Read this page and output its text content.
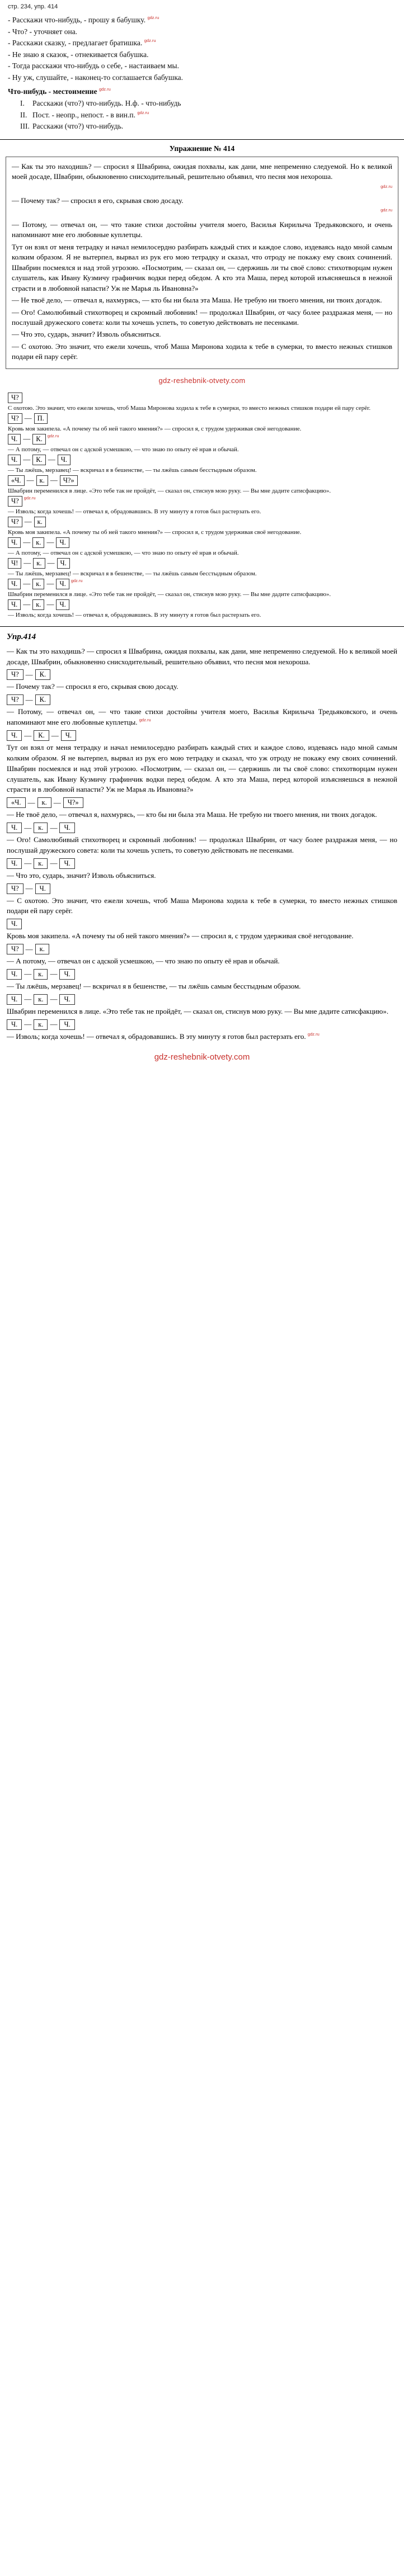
стр. 234, упр. 414
- Расскажи что-нибудь, - прошу я бабушку. gdz.ru
- Что? - уточняет она.
- Расскажи сказку, - предлагает братишка. gdz.ru
- Не знаю я сказок, - отнекивается бабушка.
- Тогда расскажи что-нибудь о себе, - настаиваем мы.
- Ну уж, слушайте, - наконец-то соглашается бабушка.
Что-нибудь - местоимение gdz.ru
I. Расскажи (что?) что-нибудь. Н.ф. - что-нибудь
II. Пост. - неопр., непост. - в вин.п. gdz.ru
III. Расскажи (что?) что-нибудь.
Упражнение № 414

— Как ты это находишь? — спросил я Швабрина, ожидая похвалы, как дани, мне непременно следуемой. Но к великой моей досаде, Швабрин, обыкновенно снисходительный, решительно объявил, что песня моя нехороша.

gdz.ru

— Почему так? — спросил я его, скрывая свою досаду.

gdz.ru

— Потому, — отвечал он, — что такие стихи достойны учителя моего, Василья Кирилыча Тредьяковского, и очень напоминают мне его любовные куплетцы.

Тут он взял от меня тетрадку и начал немилосердно разбирать каждый стих и каждое слово, издеваясь надо мной самым колким образом. Я не вытерпел, вырвал из рук его мою тетрадку и сказал, что отроду не покажу ему своих сочинений. Швабрин посмеялся и над этой угрозою. «Посмотрим, — сказал он, — сдержишь ли ты своё слово: стихотворцам нужен слушатель, как Ивану Кузмичу графинчик водки перед обедом. А кто эта Маша, перед которой изъясняешься в нежной страсти и в любовной напасти? Уж не Марья ль Ивановна?»

— Не твоё дело, — отвечал я, нахмурясь, — кто бы ни была эта Маша. Не требую ни твоего мнения, ни твоих догадок.

— Ого! Самолюбивый стихотворец и скромный любовник! — продолжал Швабрин, от часу более раздражая меня, — но послушай дружеского совета: коли ты хочешь успеть, то советую действовать не песенками.

— Что это, сударь, значит? Изволь объясниться.

— С охотою. Это значит, что ежели хочешь, чтоб Маша Миронова ходила к тебе в сумерки, то вместо нежных стишков подари ей пару серёг.

gdz-reshebnik-otvety.com
Ч?
С охотою. Это значит, что ежели хочешь, чтоб Маша Миронова ходила к тебе в сумерки, то вместо нежных стишков подари ей пару серёг.
Ч? — П.
Кровь моя закипела. «А почему ты об ней такого мнения?» — спросил я, с трудом удерживая своё негодование.
Ч. — К.	gdz.ru
— А потому, — отвечал он с адской усмешкою, — что знаю по опыту её нрав и обычай.
Ч. — К. — Ч.
— Ты лжёшь, мерзавец! — вскричал я в бешенстве, — ты лжёшь самым бесстыдным образом.
«Ч. — к. — Ч?»
Швабрин переменился в лице. «Это тебе так не пройдёт, — сказал он, стиснув мою руку. — Вы мне дадите сатисфакцию».
Ч?	gdz.ru
— Изволь; когда хочешь! — отвечал я, обрадовавшись. В эту минуту я готов был растерзать его.
Ч? — к.
Кровь моя закипела. «А почему ты об ней такого мнения?» — спросил я, с трудом удерживая своё негодование.
Ч. — к. — Ч.
— А потому, — отвечал он с адской усмешкою, — что знаю по опыту её нрав и обычай.
Ч! — к. — Ч.
— Ты лжёшь, мерзавец! — вскричал я в бешенстве, — ты лжёшь самым бесстыдным образом.
Ч. — к. — Ч.	gdz.ru
Швабрин переменился в лице. «Это тебе так не пройдёт, — сказал он, стиснув мою руку. — Вы мне дадите сатисфакцию».
Ч. — к. — Ч.
— Изволь; когда хочешь! — отвечал я, обрадовавшись. В эту минуту я готов был растерзать его.
Упр.414
— Как ты это находишь? — спросил я Швабрина, ожидая похвалы, как дани, мне непременно следуемой. Но к великой моей досаде, Швабрин, обыкновенно снисходительный, решительно объявил, что песня моя нехороша.
Ч? — К.
— Почему так? — спросил я его, скрывая свою досаду.
Ч? — К.
— Потому, — отвечал он, — что такие стихи достойны учителя моего, Василья Кирилыча Тредьяковского, и очень напоминают мне его любовные куплетцы. gdz.ru
Ч. — К. — Ч.
Тут он взял от меня тетрадку и начал немилосердно разбирать каждый стих и каждое слово, издеваясь надо мной самым колким образом. Я не вытерпел, вырвал из рук его мою тетрадку и сказал, что уж отроду не покажу ему своих сочинений. Швабрин посмеялся и над этой угрозою. «Посмотрим, — сказал он, — сдержишь ли ты своё слово: стихотворцам нужен слушатель, как Ивану Кузмичу графинчик водки перед обедом. А кто эта Маша, перед которой изъясняешься в нежной страсти и в любовной напасти? Уж не Марья ль Ивановна?»
«Ч. — к. — Ч?»
— Не твоё дело, — отвечал я, нахмурясь, — кто бы ни была эта Маша. Не требую ни твоего мнения, ни твоих догадок.
Ч. — к. — Ч.
— Ого! Самолюбивый стихотворец и скромный любовник! — продолжал Швабрин, от часу более раздражая меня, — но послушай дружеского совета: коли ты хочешь успеть, то советую действовать не песенками.
Ч. — к. — Ч.
— Что это, сударь, значит? Изволь объясниться.
Ч? — Ч.
— С охотою. Это значит, что ежели хочешь, чтоб Маша Миронова ходила к тебе в сумерки, то вместо нежных стишков подари ей пару серёг.
Ч.
Кровь моя закипела. «А почему ты об ней такого мнения?» — спросил я, с трудом удерживая своё негодование.
Ч? — к.
— А потому, — отвечал он с адской усмешкою, — что знаю по опыту её нрав и обычай.
Ч. — к. — Ч.
— Ты лжёшь, мерзавец! — вскричал я в бешенстве, — ты лжёшь самым бесстыдным образом.
Ч. — к. — Ч.
Швабрин переменился в лице. «Это тебе так не пройдёт, — сказал он, стиснув мою руку. — Вы мне дадите сатисфакцию».
Ч. — к. — Ч.
— Изволь; когда хочешь! — отвечал я, обрадовавшись. В эту минуту я готов был растерзать его. gdz.ru
gdz-reshebnik-otvety.com
